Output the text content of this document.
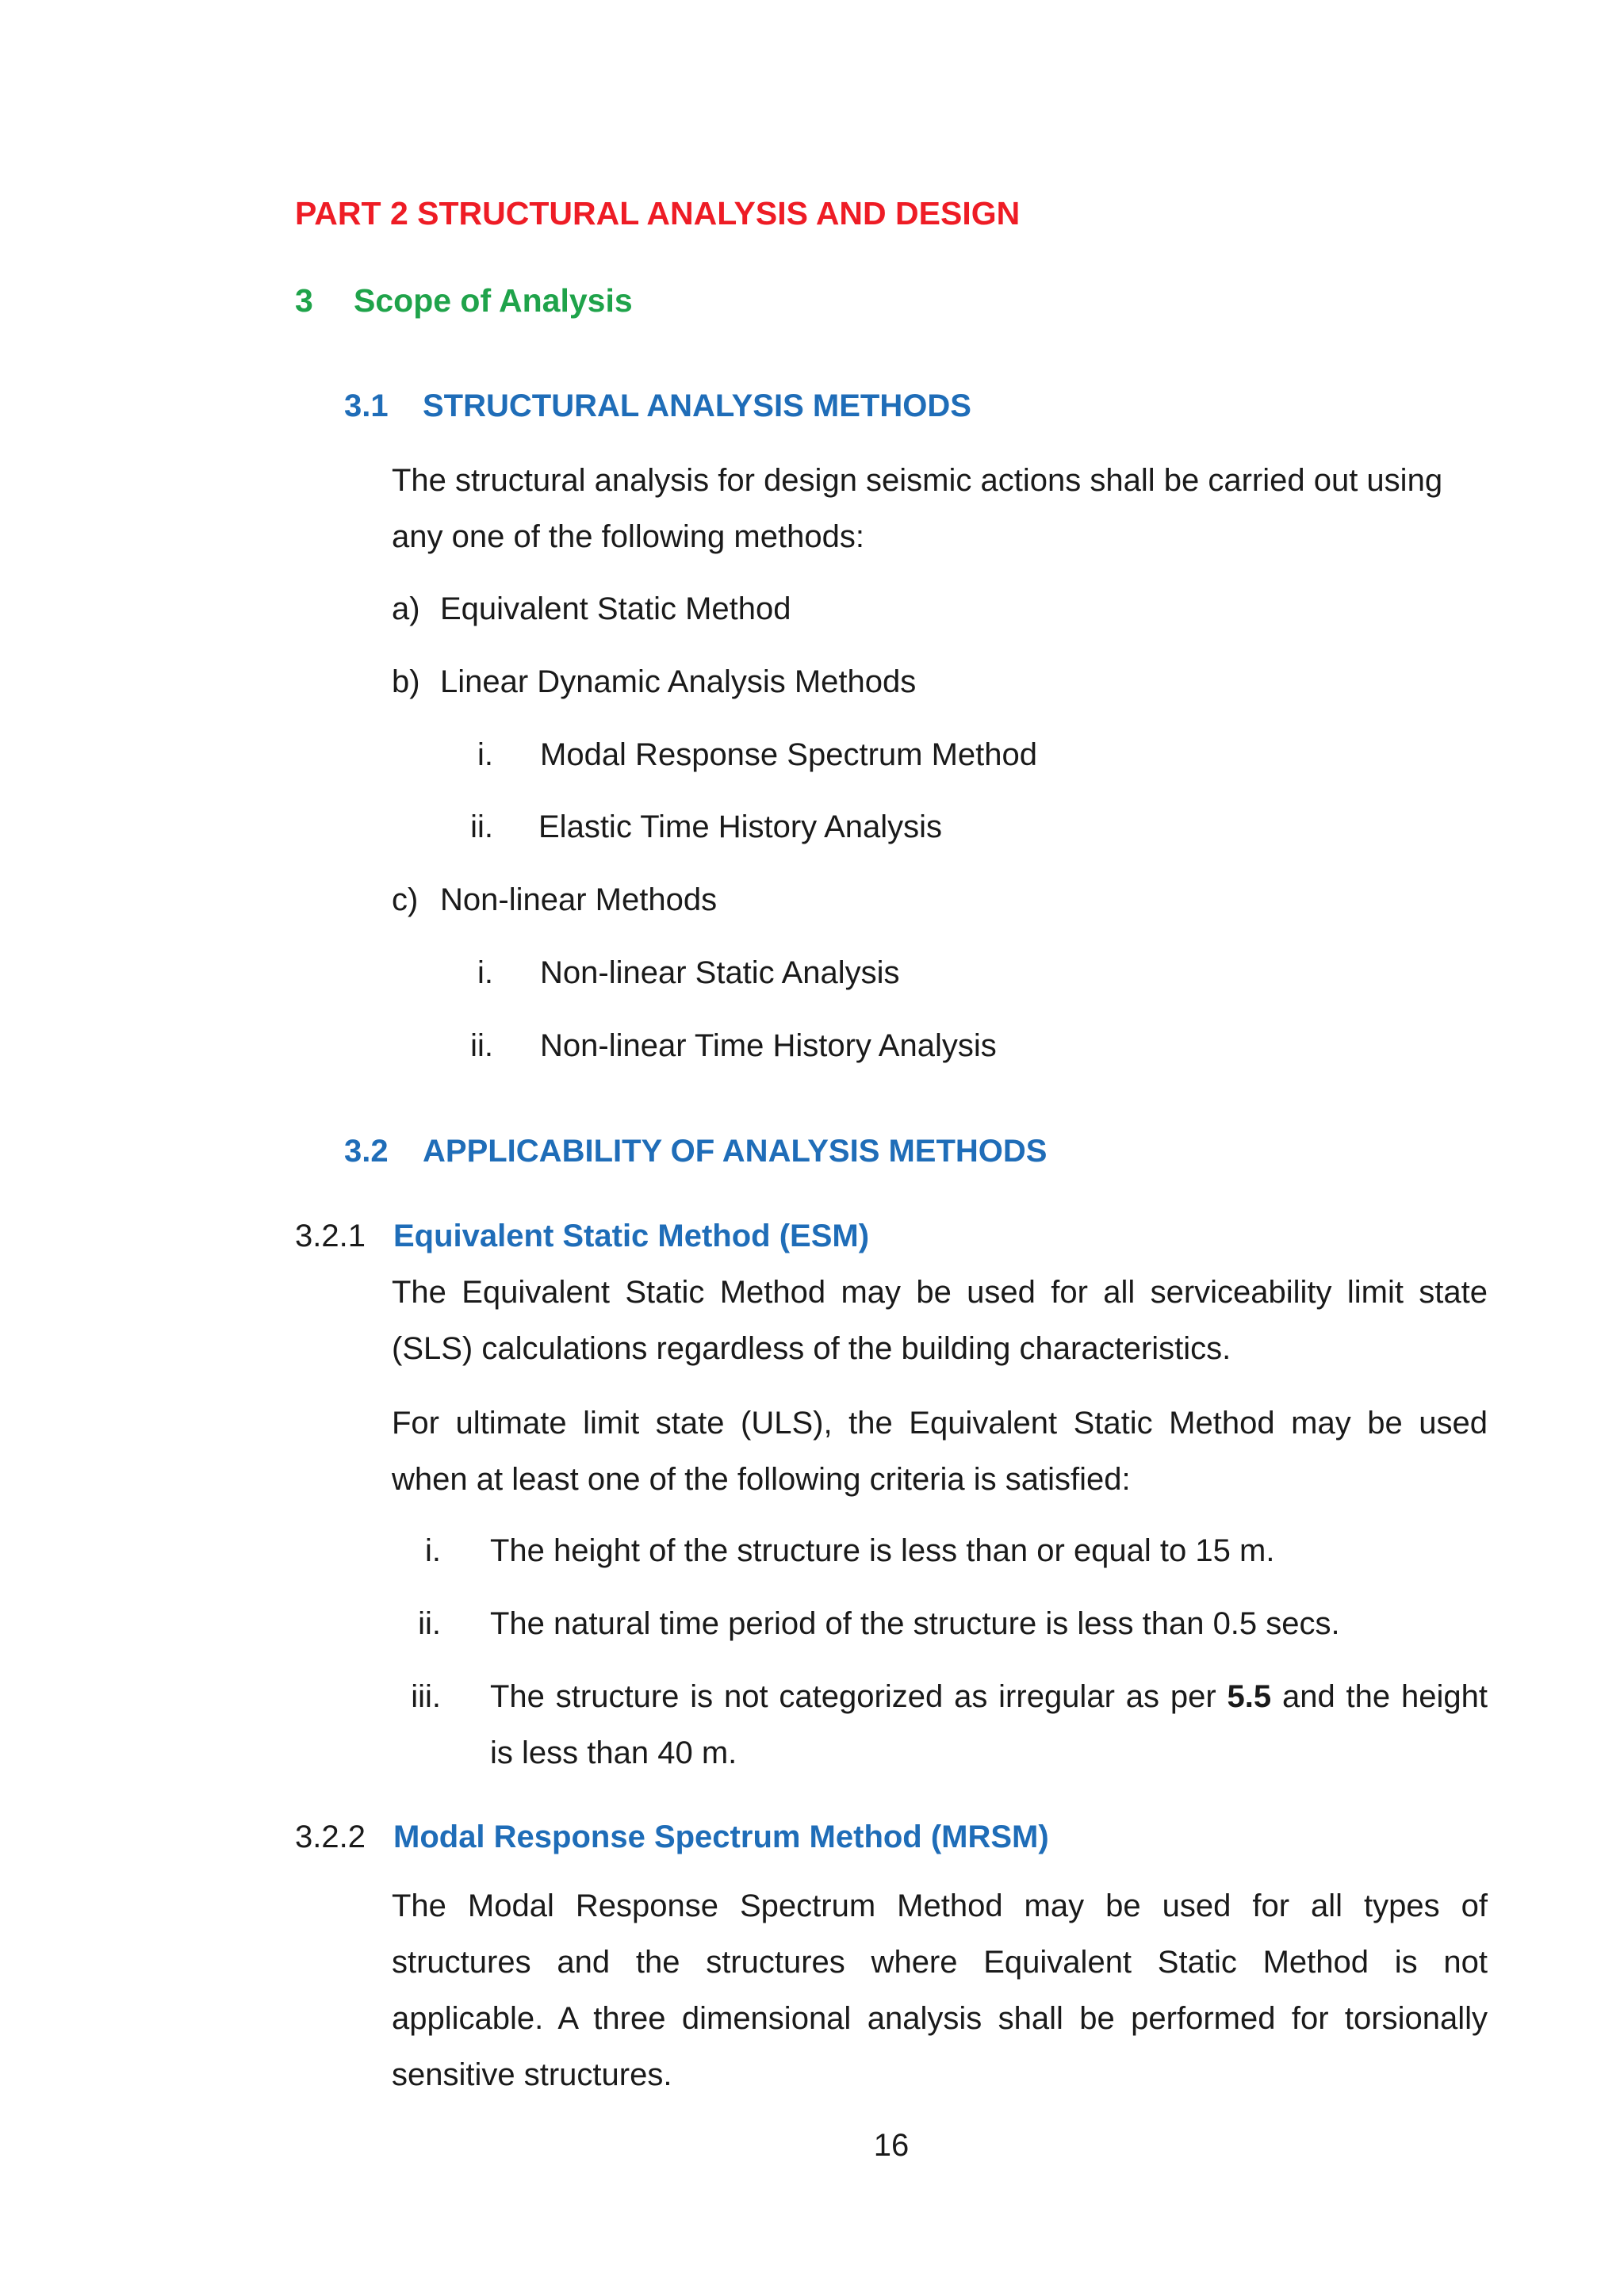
PART 2 STRUCTURAL ANALYSIS AND DESIGN
3 Scope of Analysis
3.1 STRUCTURAL ANALYSIS METHODS
The structural analysis for design seismic actions shall be carried out using
any one of the following methods:
a) Equivalent Static Method
b) Linear Dynamic Analysis Methods
i. Modal Response Spectrum Method
ii. Elastic Time History Analysis
c) Non-linear Methods
i. Non-linear Static Analysis
ii. Non-linear Time History Analysis
3.2 APPLICABILITY OF ANALYSIS METHODS
3.2.1 Equivalent Static Method (ESM)
The Equivalent Static Method may be used for all serviceability limit state (SLS) calculations regardless of the building characteristics.
For ultimate limit state (ULS), the Equivalent Static Method may be used when at least one of the following criteria is satisfied:
i. The height of the structure is less than or equal to 15 m.
ii. The natural time period of the structure is less than 0.5 secs.
iii. The structure is not categorized as irregular as per 5.5 and the height
is less than 40 m.
3.2.2 Modal Response Spectrum Method (MRSM)
The Modal Response Spectrum Method may be used for all types of structures and the structures where Equivalent Static Method is not applicable. A three dimensional analysis shall be performed for torsionally sensitive structures.
16
